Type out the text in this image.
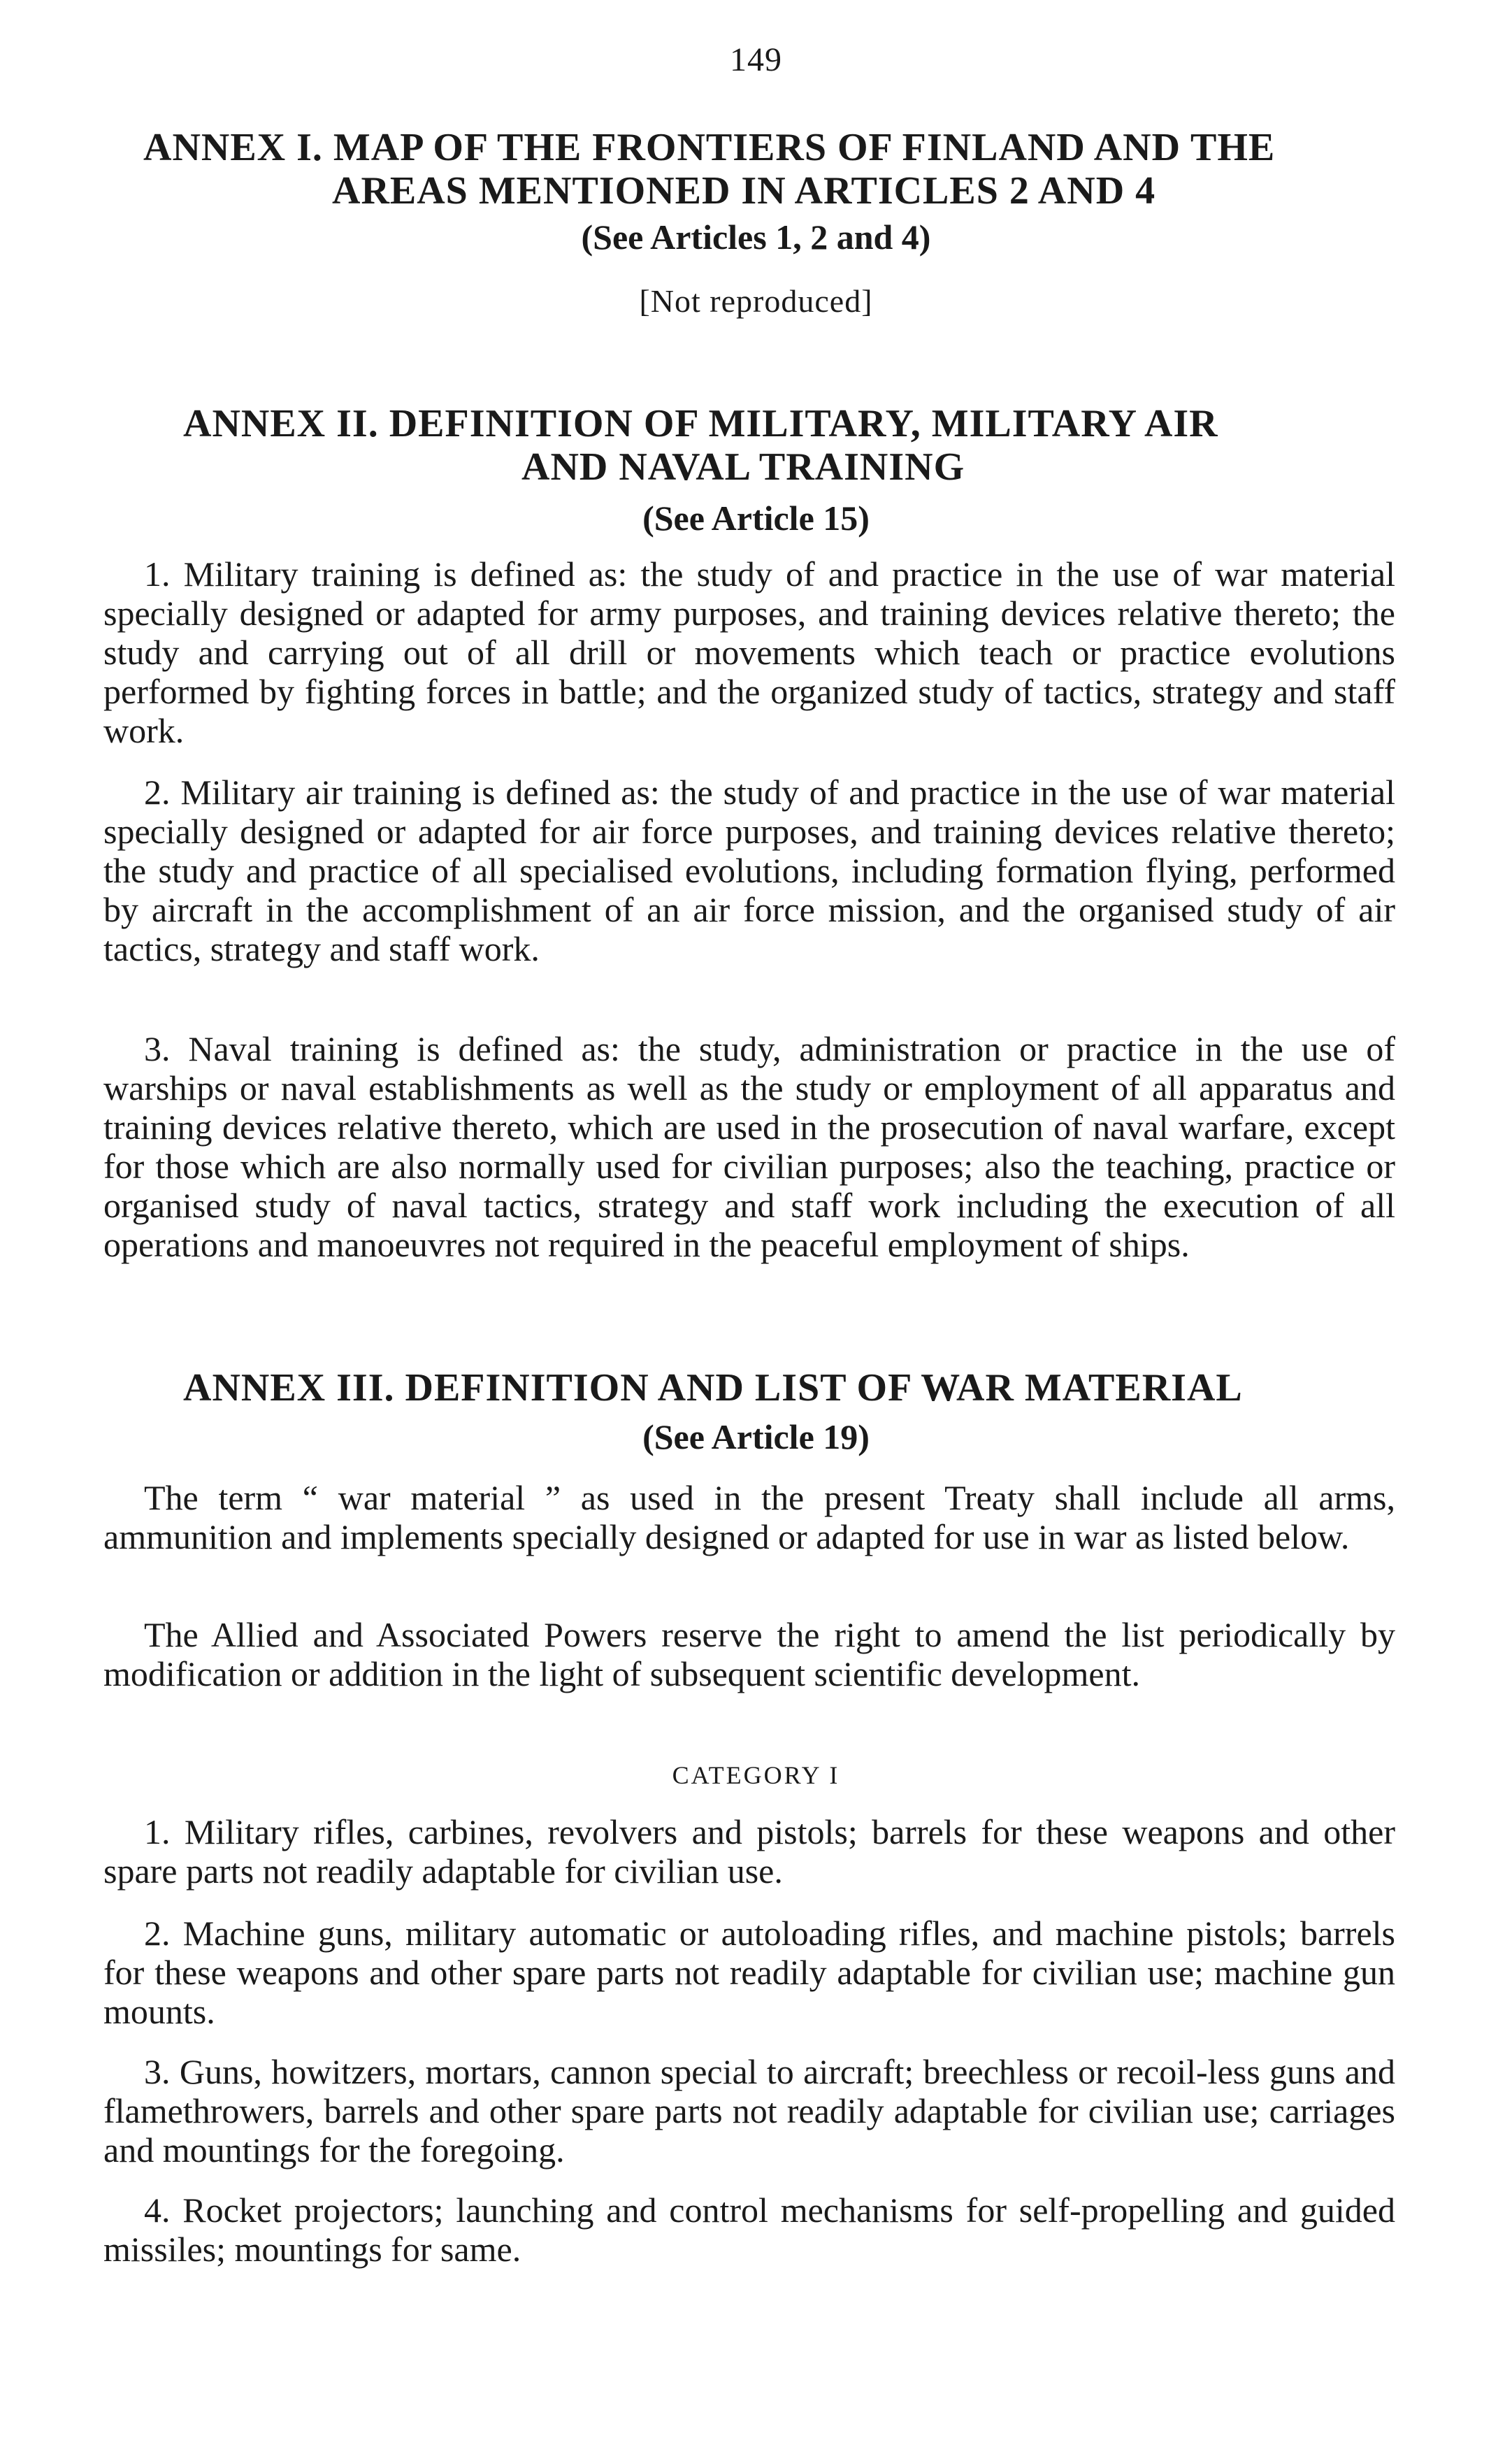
149
ANNEX I. MAP OF THE FRONTIERS OF FINLAND AND THE
AREAS MENTIONED IN ARTICLES 2 AND 4
(See Articles 1, 2 and 4)
[Not reproduced]
ANNEX II. DEFINITION OF MILITARY, MILITARY AIR
AND NAVAL TRAINING
(See Article 15)

1. Military training is defined as: the study of and practice in the use of war material specially designed or adapted for army purposes, and training devices relative thereto; the study and carrying out of all drill or movements which teach or practice evolutions performed by fighting forces in battle; and the organized study of tactics, strategy and staff work.

2. Military air training is defined as: the study of and practice in the use of war material specially designed or adapted for air force purposes, and training devices relative thereto; the study and practice of all specialised evolutions, including formation flying, performed by aircraft in the accomplishment of an air force mission, and the organised study of air tactics, strategy and staff work.

3. Naval training is defined as: the study, administration or practice in the use of warships or naval establishments as well as the study or employment of all apparatus and training devices relative thereto, which are used in the prosecution of naval warfare, except for those which are also normally used for civilian purposes; also the teaching, practice or organised study of naval tactics, strategy and staff work including the execution of all operations and manoeuvres not required in the peaceful employment of ships.

ANNEX III. DEFINITION AND LIST OF WAR MATERIAL
(See Article 19)

The term “ war material ” as used in the present Treaty shall include all arms, ammunition and implements specially designed or adapted for use in war as listed below.

The Allied and Associated Powers reserve the right to amend the list periodically by modification or addition in the light of subsequent scientific development.

CATEGORY I

1. Military rifles, carbines, revolvers and pistols; barrels for these weapons and other spare parts not readily adaptable for civilian use.

2. Machine guns, military automatic or autoloading rifles, and machine pistols; barrels for these weapons and other spare parts not readily adaptable for civilian use; machine gun mounts.

3. Guns, howitzers, mortars, cannon special to aircraft; breechless or recoil-less guns and flamethrowers, barrels and other spare parts not readily adaptable for civilian use; carriages and mountings for the foregoing.

4. Rocket projectors; launching and control mechanisms for self-propelling and guided missiles; mountings for same.
